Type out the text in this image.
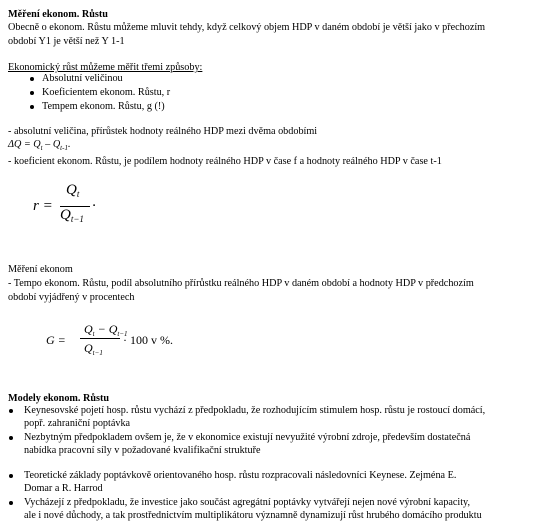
Měření ekonom. Růstu
Obecně o ekonom. Růstu můžeme mluvit tehdy, když celkový objem HDP v daném období je větší jako v přechozím
období Y1 je větší než Y 1-1
Ekonomický růst můžeme měřit třemi způsoby:
Absolutní veličinou
Koeficientem ekonom. Růstu, r
Tempem ekonom. Růstu, g (!)
- absolutní veličina, přírůstek hodnoty reálného HDP mezi dvěma obdobími
$\Delta Q = Q_t - Q_{t-1}$.
- koeficient ekonom. Růstu, je podílem hodnoty reálného HDP v čase f a hodnoty reálného HDP v čase t-1
r =
$Q_t$
$Q_{t-1}$
·
Měření ekonom
- Tempo ekonom. Růstu, podíl absolutního přírůstku reálného HDP v daném období a hodnoty HDP v předchozím
období vyjádřený v procentech
G =
$Q_t - Q_{t-1}$
$Q_{t-1}$
· 100 v %.
Modely ekonom. Růstu
Keynesovské pojetí hosp. růstu vychází z předpokladu, že rozhodujícím stimulem hosp. růstu je rostoucí domácí,
popř. zahraniční poptávka
Nezbytným předpokladem ovšem je, že v ekonomice existují nevyužité výrobní zdroje, především dostatečná
nabídka pracovní síly v požadované kvalifikační struktuře
Teoretické základy poptávkově orientovaného hosp. růstu rozpracovali následovníci Keynese. Zejména E.
Domar a R. Harrod
Vycházejí z předpokladu, že investice jako součást agregátní poptávky vytvářejí nejen nové výrobní kapacity,
ale i nové důchody, a tak prostřednictvím multiplikátoru významně dynamizují růst hrubého domácího produktu
